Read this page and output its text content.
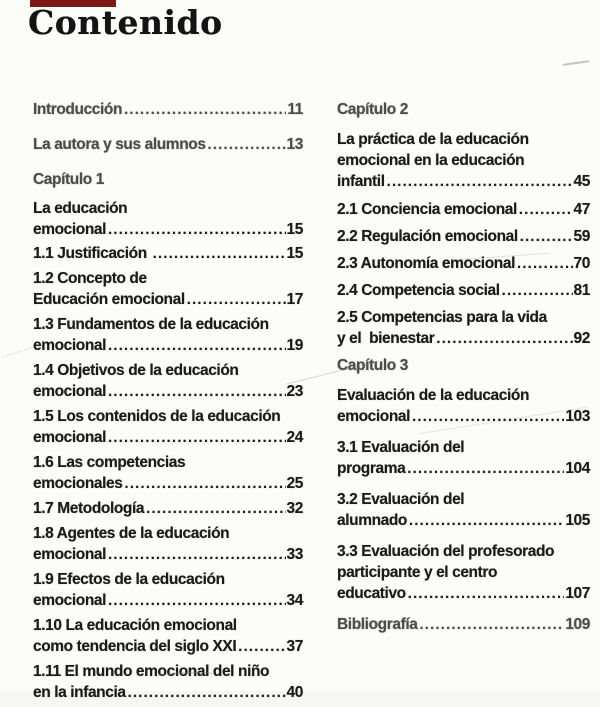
Contenido
Introducción .....	11
La autora y sus alumnos .....	13
Capítulo 1
La educación
emocional .....	15
1.1 Justificación .....	15
1.2 Concepto de
Educación emocional .....	17
1.3 Fundamentos de la educación
emocional .....	19
1.4 Objetivos de la educación
emocional .....	23
1.5 Los contenidos de la educación
emocional .....	24
1.6 Las competencias
emocionales .....	25
1.7 Metodología .....	32
1.8 Agentes de la educación
emocional .....	33
1.9 Efectos de la educación
emocional .....	34
1.10 La educación emocional
como tendencia del siglo XXI .....	37
1.11 El mundo emocional del niño
en la infancia .....	40
Capítulo 2
La práctica de la educación
emocional en la educación
infantil .....	45
2.1 Conciencia emocional .....	47
2.2 Regulación emocional .....	59
2.3 Autonomía emocional .....	70
2.4 Competencia social .....	81
2.5 Competencias para la vida
y el  bienestar .....	92
Capítulo 3
Evaluación de la educación
emocional .....	103
3.1 Evaluación del
programa .....	104
3.2 Evaluación del
alumnado .....	105
3.3 Evaluación del profesorado
participante y el centro
educativo .....	107
Bibliografía .....	109
